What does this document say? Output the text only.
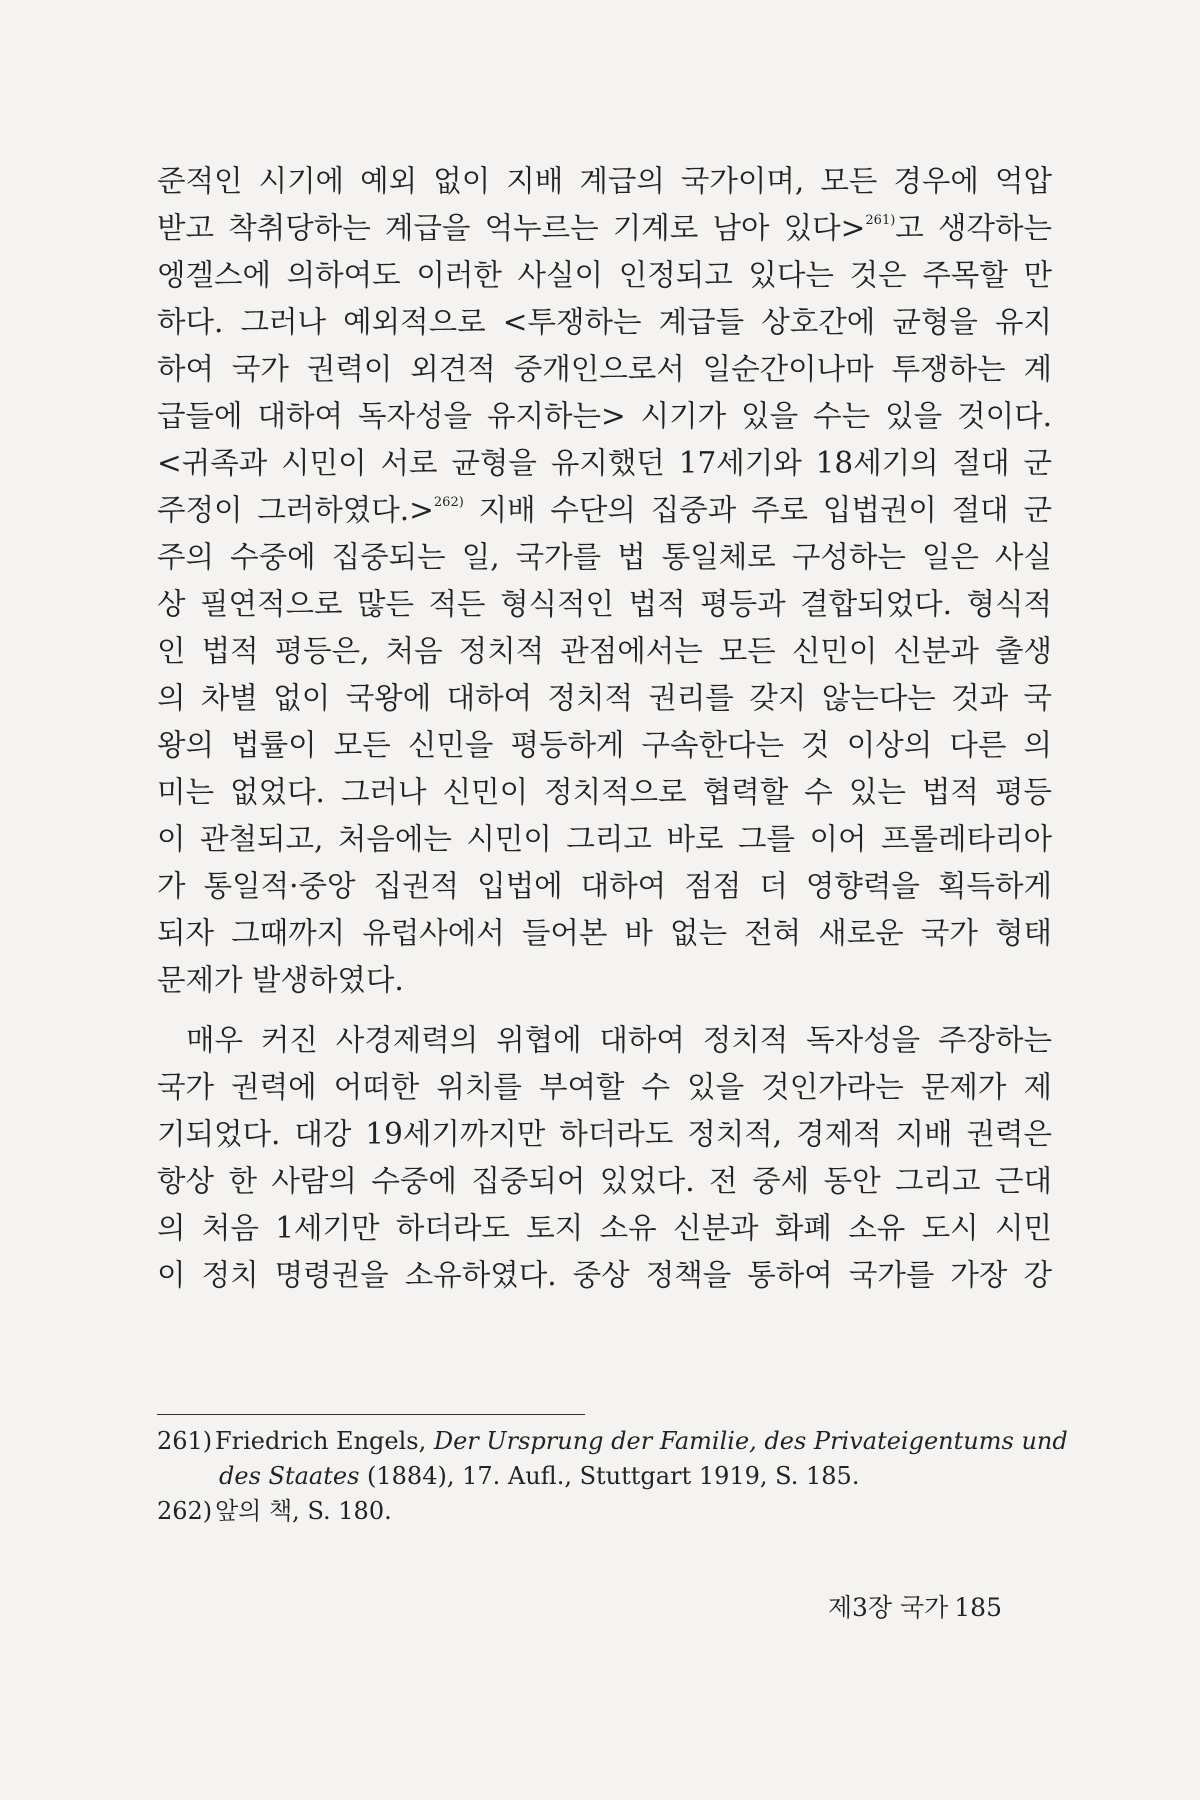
준적인 시기에 예외 없이 지배 계급의 국가이며, 모든 경우에 억압
받고 착취당하는 계급을 억누르는 기계로 남아 있다>$^{261)}$고 생각하는
엥겔스에 의하여도 이러한 사실이 인정되고 있다는 것은 주목할 만
하다. 그러나 예외적으로 <투쟁하는 계급들 상호간에 균형을 유지
하여 국가 권력이 외견적 중개인으로서 일순간이나마 투쟁하는 계
급들에 대하여 독자성을 유지하는> 시기가 있을 수는 있을 것이다.
<귀족과 시민이 서로 균형을 유지했던 17세기와 18세기의 절대 군
주정이 그러하였다.>$^{262)}$ 지배 수단의 집중과 주로 입법권이 절대 군
주의 수중에 집중되는 일, 국가를 법 통일체로 구성하는 일은 사실
상 필연적으로 많든 적든 형식적인 법적 평등과 결합되었다. 형식적
인 법적 평등은, 처음 정치적 관점에서는 모든 신민이 신분과 출생
의 차별 없이 국왕에 대하여 정치적 권리를 갖지 않는다는 것과 국
왕의 법률이 모든 신민을 평등하게 구속한다는 것 이상의 다른 의
미는 없었다. 그러나 신민이 정치적으로 협력할 수 있는 법적 평등
이 관철되고, 처음에는 시민이 그리고 바로 그를 이어 프롤레타리아
가 통일적·중앙 집권적 입법에 대하여 점점 더 영향력을 획득하게
되자 그때까지 유럽사에서 들어본 바 없는 전혀 새로운 국가 형태
문제가 발생하였다.
매우 커진 사경제력의 위협에 대하여 정치적 독자성을 주장하는
국가 권력에 어떠한 위치를 부여할 수 있을 것인가라는 문제가 제
기되었다. 대강 19세기까지만 하더라도 정치적, 경제적 지배 권력은
항상 한 사람의 수중에 집중되어 있었다. 전 중세 동안 그리고 근대
의 처음 1세기만 하더라도 토지 소유 신분과 화폐 소유 도시 시민
이 정치 명령권을 소유하였다. 중상 정책을 통하여 국가를 가장 강
261) Friedrich Engels, Der Ursprung der Familie, des Privateigentums und
des Staates (1884), 17. Aufl., Stuttgart 1919, S. 185.
262) 앞의 책, S. 180.
제3장 국가 185
